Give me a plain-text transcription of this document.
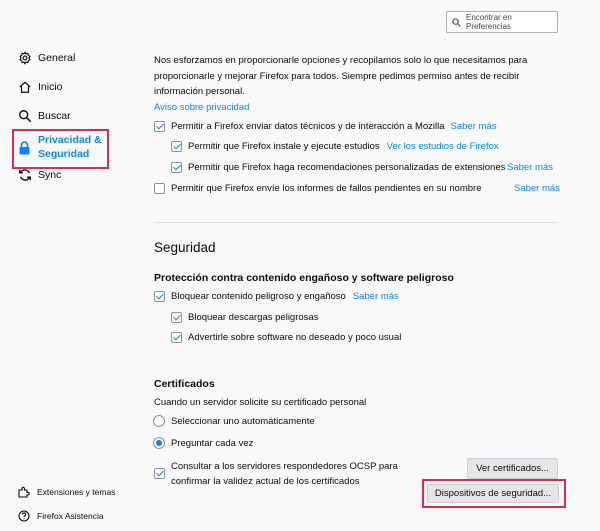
Encontrar en Preferencias
General
Inicio
Buscar
Privacidad &
Seguridad
Sync
Extensiones y temas
Firefox Asistencia
Nos esforzamos en proporcionarle opciones y recopilamos solo lo que necesitamos para
proporcionarle y mejorar Firefox para todos. Siempre pedimos permiso antes de recibir
información personal.
Aviso sobre privacidad
Permitir a Firefox enviar datos técnicos y de interacción a Mozilla Saber más
Permitir que Firefox instale y ejecute estudios Ver los estudios de Firefox
Permitir que Firefox haga recomendaciones personalizadas de extensiones Saber más
Permitir que Firefox envíe los informes de fallos pendientes en su nombre	Saber más
Seguridad
Protección contra contenido engañoso y software peligroso
Bloquear contenido peligroso y engañoso Saber más
Bloquear descargas peligrosas
Advertirle sobre software no deseado y poco usual
Certificados
Cuando un servidor solicite su certificado personal
Seleccionar uno automáticamente
Preguntar cada vez
Consultar a los servidores respondedores OCSP para
confirmar la validez actual de los certificados
Ver certificados...
Dispositivos de seguridad...
